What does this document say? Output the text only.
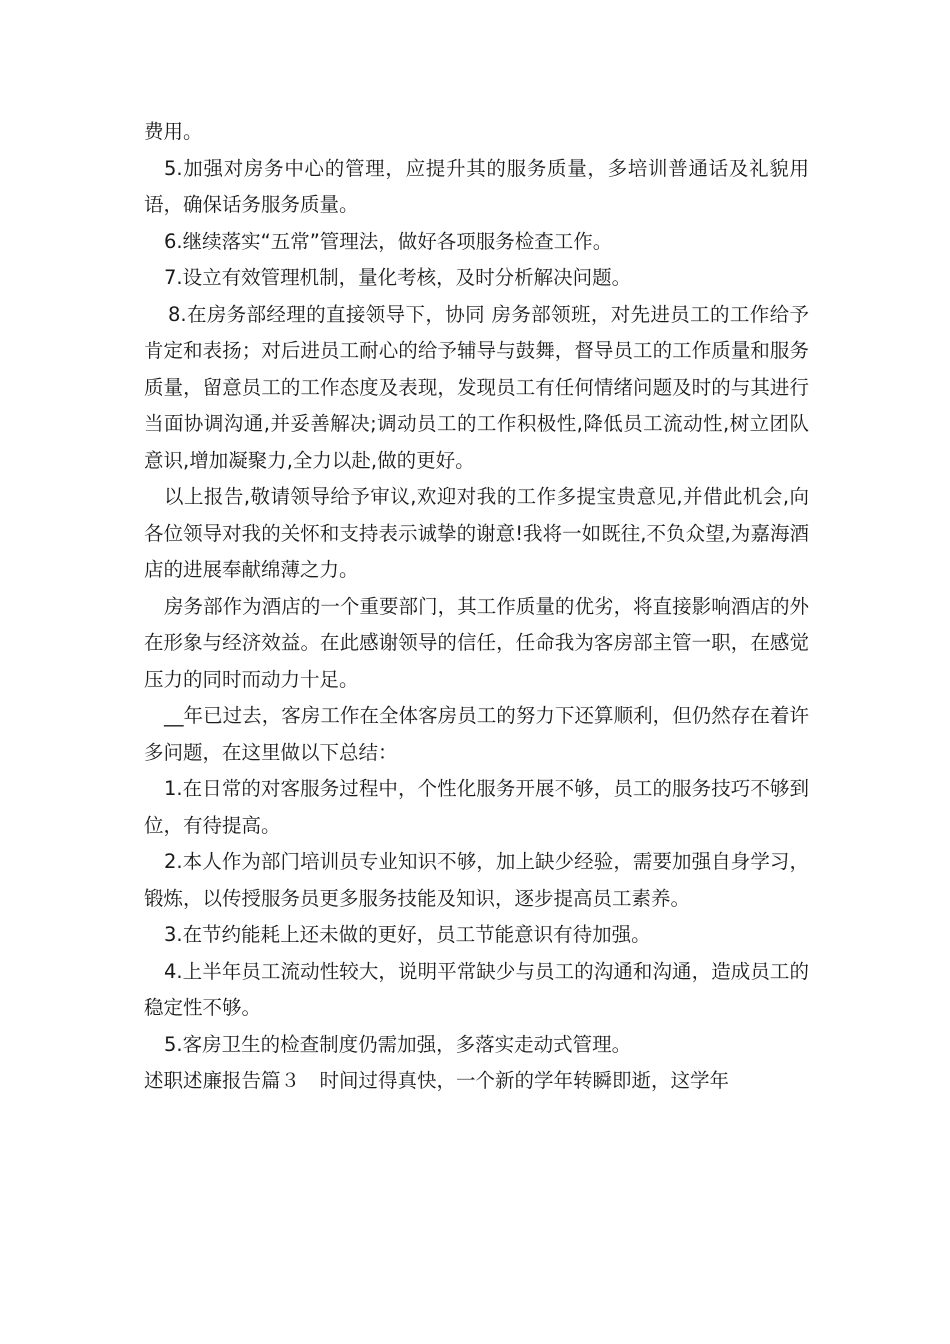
费用。

5.加强对房务中心的管理，应提升其的服务质量，多培训普通话及礼貌用语，确保话务服务质量。

6.继续落实“五常”管理法，做好各项服务检查工作。

7.设立有效管理机制，量化考核，及时分析解决问题。

8.在房务部经理的直接领导下，协同 房务部领班，对先进员工的工作给予肯定和表扬；对后进员工耐心的给予辅导与鼓舞，督导员工的工作质量和服务质量，留意员工的工作态度及表现，发现员工有任何情绪问题及时的与其进行当面协调沟通,并妥善解决;调动员工的工作积极性,降低员工流动性,树立团队意识,增加凝聚力,全力以赴,做的更好。

以上报告,敬请领导给予审议,欢迎对我的工作多提宝贵意见,并借此机会,向各位领导对我的关怀和支持表示诚挚的谢意!我将一如既往,不负众望,为嘉海酒店的进展奉献绵薄之力。

房务部作为酒店的一个重要部门，其工作质量的优劣，将直接影响酒店的外在形象与经济效益。在此感谢领导的信任，任命我为客房部主管一职，在感觉压力的同时而动力十足。

__年已过去，客房工作在全体客房员工的努力下还算顺利，但仍然存在着许多问题，在这里做以下总结：

1.在日常的对客服务过程中，个性化服务开展不够，员工的服务技巧不够到位，有待提高。

2.本人作为部门培训员专业知识不够，加上缺少经验，需要加强自身学习，锻炼，以传授服务员更多服务技能及知识，逐步提高员工素养。

3.在节约能耗上还未做的更好，员工节能意识有待加强。

4.上半年员工流动性较大，说明平常缺少与员工的沟通和沟通，造成员工的稳定性不够。

5.客房卫生的检查制度仍需加强，多落实走动式管理。

述职述廉报告篇３　时间过得真快，一个新的学年转瞬即逝，这学年
